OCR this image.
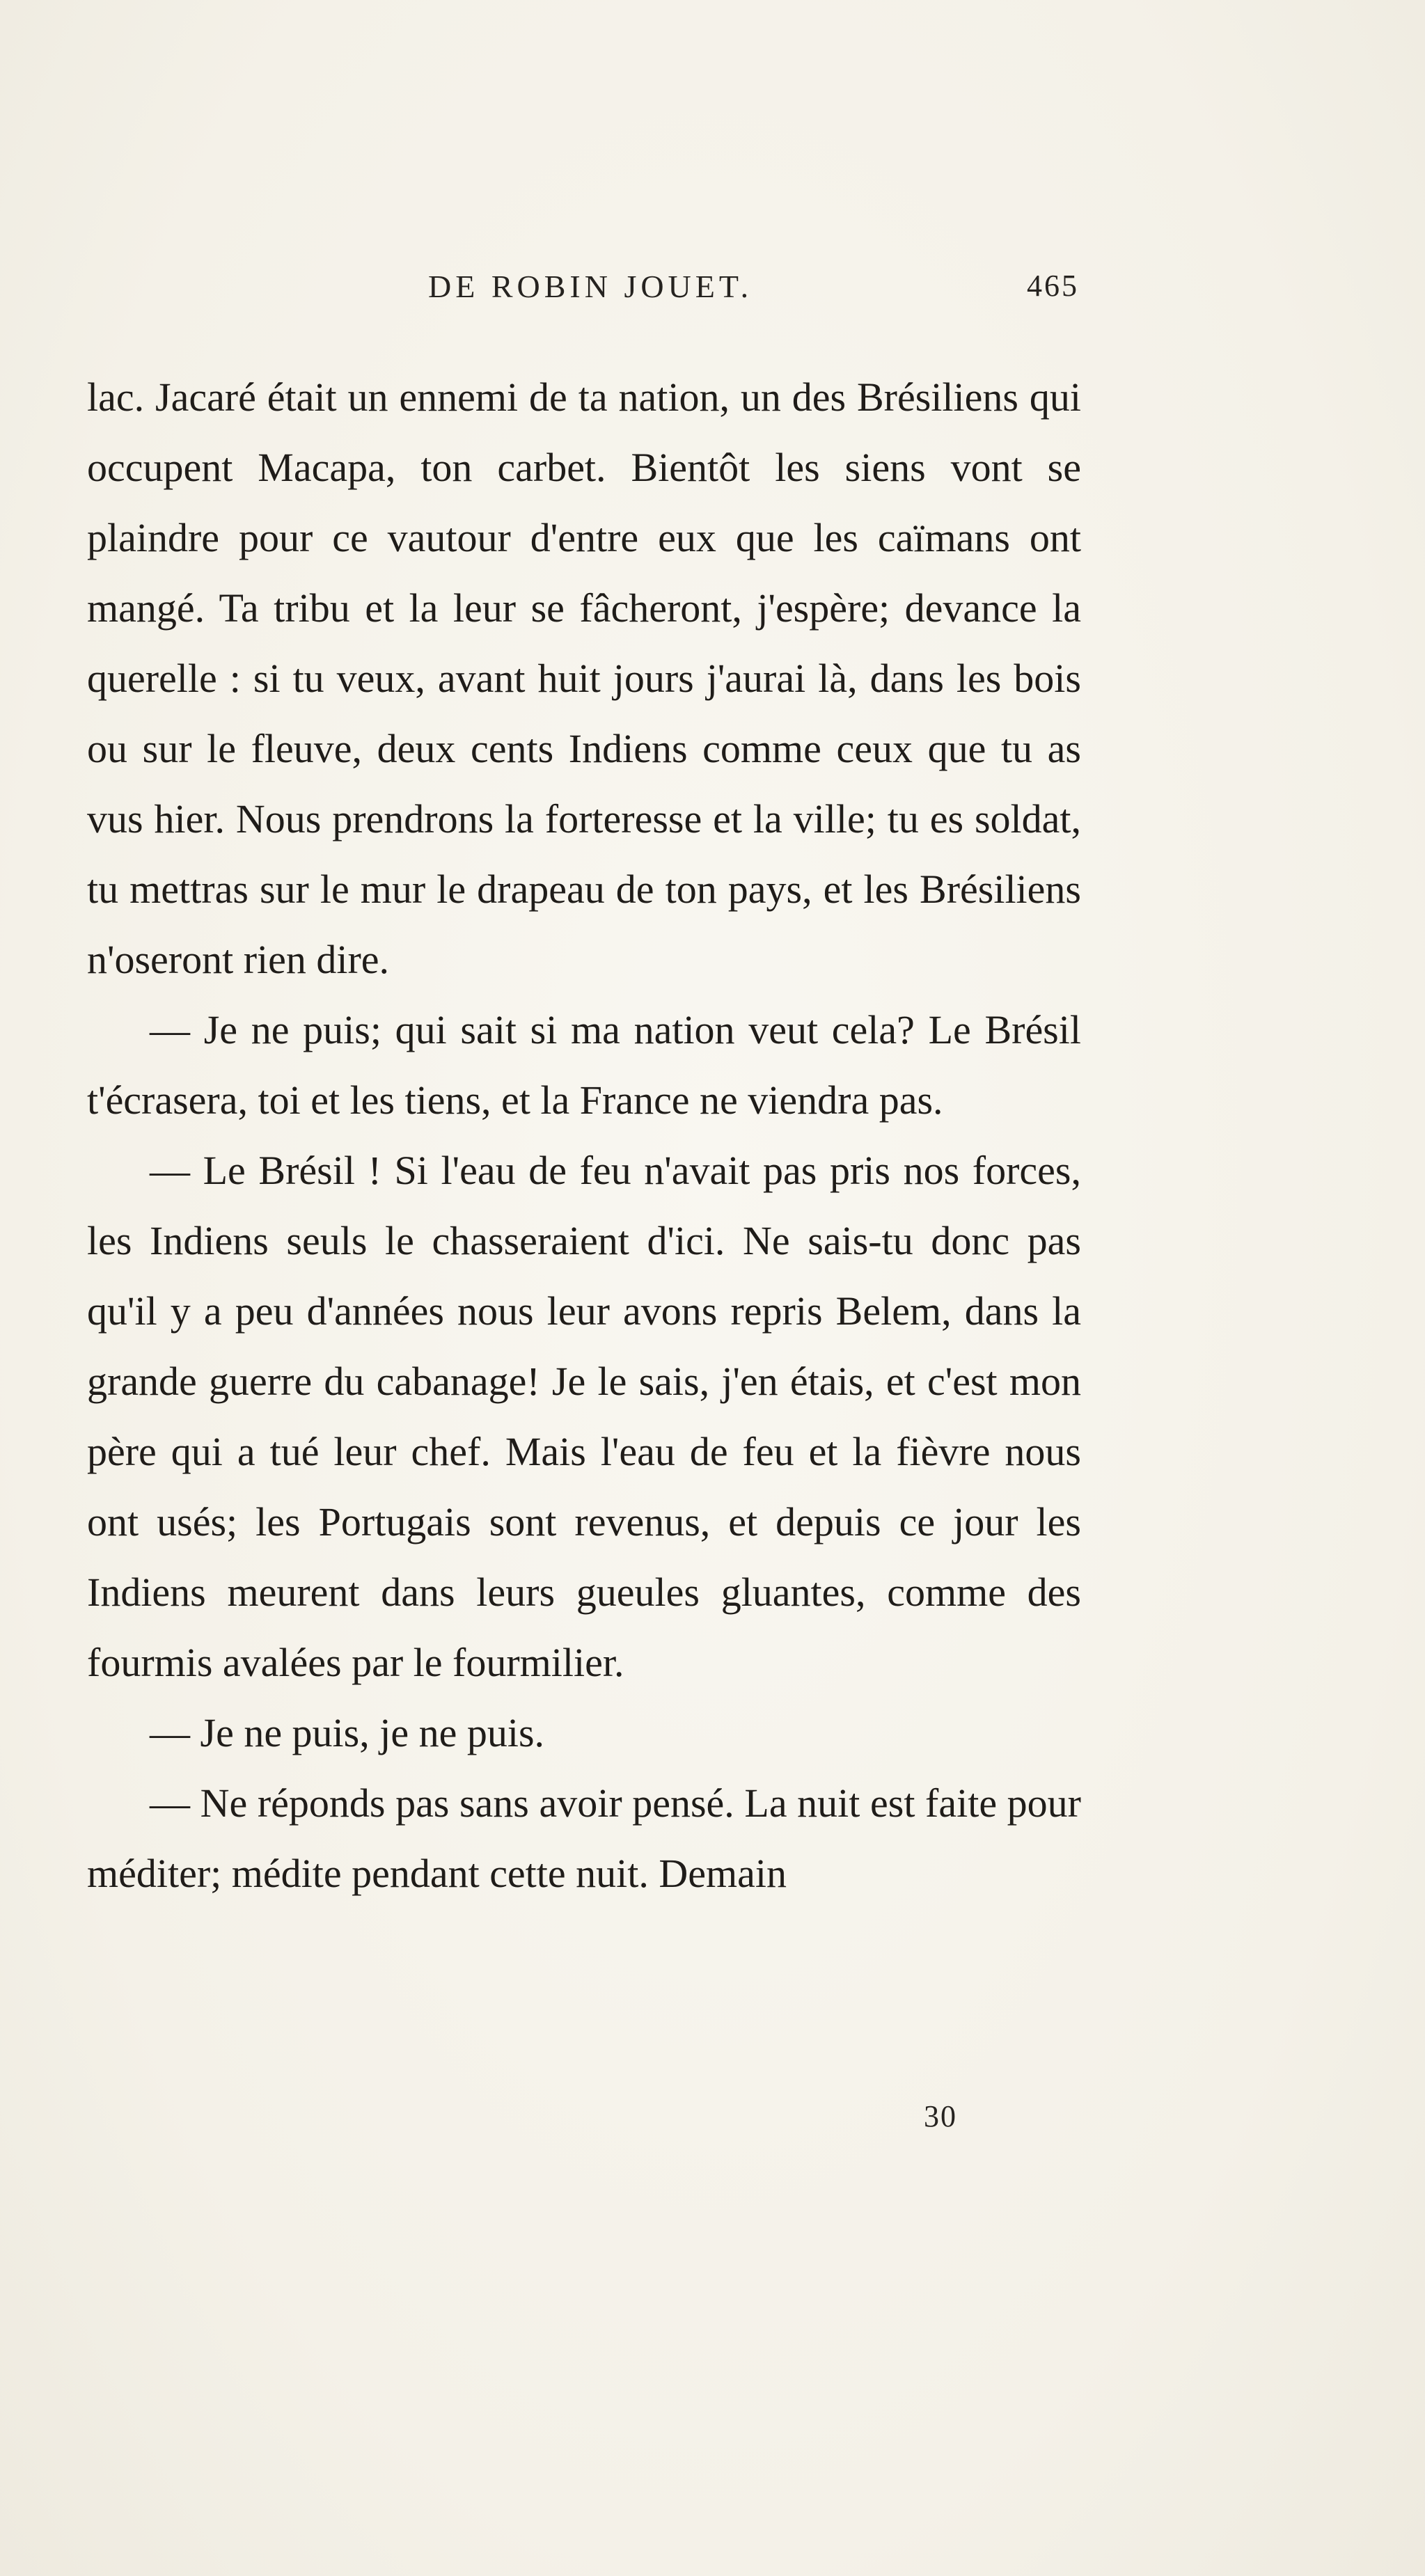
DE ROBIN JOUET.	465

lac. Jacaré était un ennemi de ta nation, un des Brésiliens qui occupent Macapa, ton carbet. Bientôt les siens vont se plaindre pour ce vautour d'entre eux que les caïmans ont mangé. Ta tribu et la leur se fâcheront, j'espère; devance la querelle : si tu veux, avant huit jours j'aurai là, dans les bois ou sur le fleuve, deux cents Indiens comme ceux que tu as vus hier. Nous prendrons la forteresse et la ville; tu es soldat, tu mettras sur le mur le drapeau de ton pays, et les Brésiliens n'oseront rien dire.

— Je ne puis; qui sait si ma nation veut cela? Le Brésil t'écrasera, toi et les tiens, et la France ne viendra pas.

— Le Brésil ! Si l'eau de feu n'avait pas pris nos forces, les Indiens seuls le chasseraient d'ici. Ne sais-tu donc pas qu'il y a peu d'années nous leur avons repris Belem, dans la grande guerre du cabanage! Je le sais, j'en étais, et c'est mon père qui a tué leur chef. Mais l'eau de feu et la fièvre nous ont usés; les Portugais sont revenus, et depuis ce jour les Indiens meurent dans leurs gueules gluantes, comme des fourmis avalées par le fourmilier.

— Je ne puis, je ne puis.

— Ne réponds pas sans avoir pensé. La nuit est faite pour méditer; médite pendant cette nuit. Demain

30
